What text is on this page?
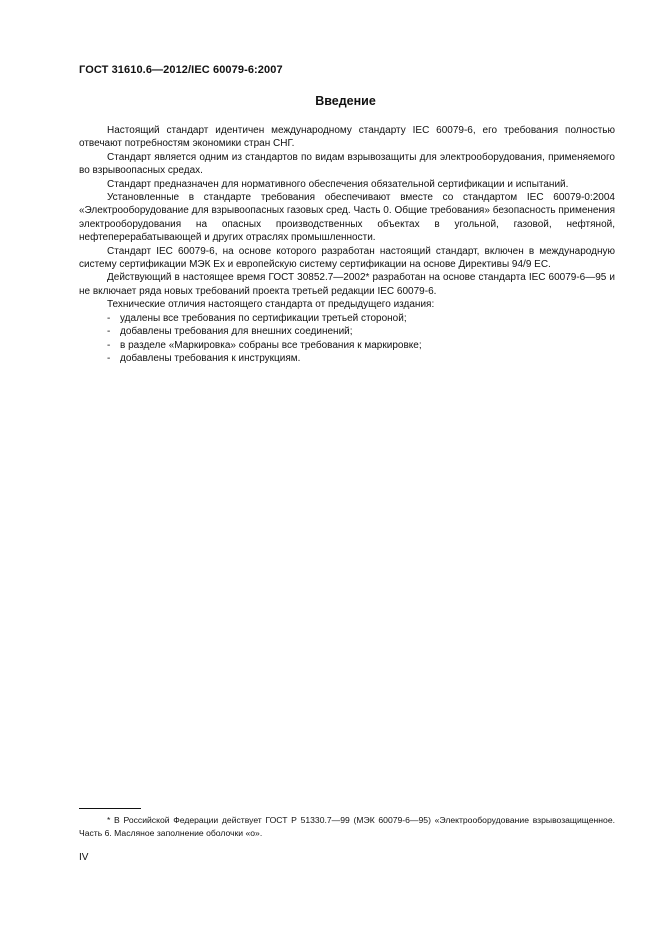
ГОСТ 31610.6—2012/IEC 60079-6:2007
Введение

Настоящий стандарт идентичен международному стандарту IEC 60079-6, его требования полностью отвечают потребностям экономики стран СНГ.

Стандарт является одним из стандартов по видам взрывозащиты для электрооборудования, применяемого во взрывоопасных средах.

Стандарт предназначен для нормативного обеспечения обязательной сертификации и испытаний.

Установленные в стандарте требования обеспечивают вместе со стандартом IEC 60079-0:2004 «Электрооборудование для взрывоопасных газовых сред. Часть 0. Общие требования» безопасность применения электрооборудования на опасных производственных объектах в угольной, газовой, нефтяной, нефтеперерабатывающей и других отраслях промышленности.

Стандарт IEC 60079-6, на основе которого разработан настоящий стандарт, включен в международную систему сертификации МЭК Ex и европейскую систему сертификации на основе Директивы 94/9 ЕС.

Действующий в настоящее время ГОСТ 30852.7—2002* разработан на основе стандарта IEC 60079-6—95 и не включает ряда новых требований проекта третьей редакции IEC 60079-6.

Технические отличия настоящего стандарта от предыдущего издания:

- удалены все требования по сертификации третьей стороной;
- добавлены требования для внешних соединений;
- в разделе «Маркировка» собраны все требования к маркировке;
- добавлены требования к инструкциям.
* В Российской Федерации действует ГОСТ Р 51330.7—99 (МЭК 60079-6—95) «Электрооборудование взрывозащищенное. Часть 6. Масляное заполнение оболочки «о».
IV
